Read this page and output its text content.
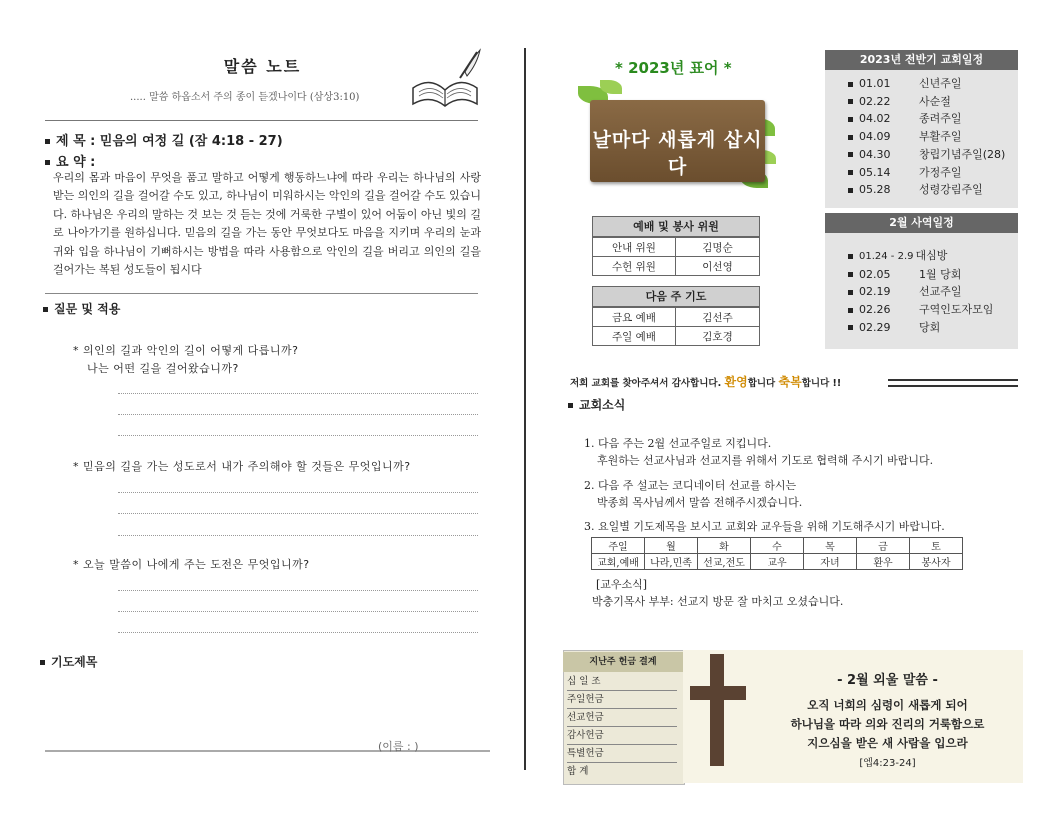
말씀 노트
..... 말씀 하옵소서 주의 종이 듣겠나이다 (삼상3:10)
제 목 : 믿음의 여정 길 (잠 4:18 - 27)
요 약 :
우리의 몸과 마음이 무엇을 품고 말하고 어떻게 행동하느냐에 따라 우리는 하나님의 사랑받는 의인의 길을 걸어갈 수도 있고, 하나님이 미워하시는 악인의 길을 걸어갈 수도 있습니다. 하나님은 우리의 말하는 것 보는 것 듣는 것에 거룩한 구별이 있어 어둠이 아닌 빛의 길로 나아가기를 원하십니다. 믿음의 길을 가는 동안 무엇보다도 마음을 지키며 우리의 눈과 귀와 입을 하나님이 기뻐하시는 방법을 따라 사용함으로 악인의 길을 버리고 의인의 길을 걸어가는 복된 성도들이 됩시다
질문 및 적용
* 의인의 길과 악인의 길이 어떻게 다릅니까?
나는 어떤 길을 걸어왔습니까?
* 믿음의 길을 가는 성도로서 내가 주의해야 할 것들은 무엇입니까?
* 오늘 말씀이 나에게 주는 도전은 무엇입니까?
기도제목
(이름 : )
* 2023년 표어 *
날마다 새롭게 삽시다
예배 및 봉사 위원
안내 위원	김명순
수헌 위원	이선영
다음 주 기도
금요 예배	김선주
주일 예배	김호경
2023년 전반기 교회일정
01.01	신년주일
02.22	사순절
04.02	종려주일
04.09	부활주일
04.30	창립기념주일(28)
05.14	가정주일
05.28	성령강림주일
2월 사역일정
01.24 - 2.9 대심방
02.05	1월 당회
02.19	선교주일
02.26	구역인도자모임
02.29	당회
저희 교회를 찾아주셔서 감사합니다. 환영합니다 축복합니다 !!
교회소식
1. 다음 주는 2월 선교주일로 지킵니다.
후원하는 선교사님과 선교지를 위해서 기도로 협력해 주시기 바랍니다.
2. 다음 주 설교는 코디네이터 선교를 하시는
박종희 목사님께서 말씀 전해주시겠습니다.
3. 요일별 기도제목을 보시고 교회와 교우들을 위해 기도해주시기 바랍니다.
주일	월	화	수	목	금	토
교회,예배	나라,민족	선교,전도	교우	자녀	환우	봉사자
[교우소식]
박충기목사 부부: 선교지 방문 잘 마치고 오셨습니다.
지난주 헌금 결계
십 일 조
주일헌금
선교헌금
감사헌금
특별헌금
합 계
- 2월 외울 말씀 -
오직 너희의 심령이 새롭게 되어
하나님을 따라 의와 진리의 거룩함으로
지으심을 받은 새 사람을 입으라
[엡4:23-24]
